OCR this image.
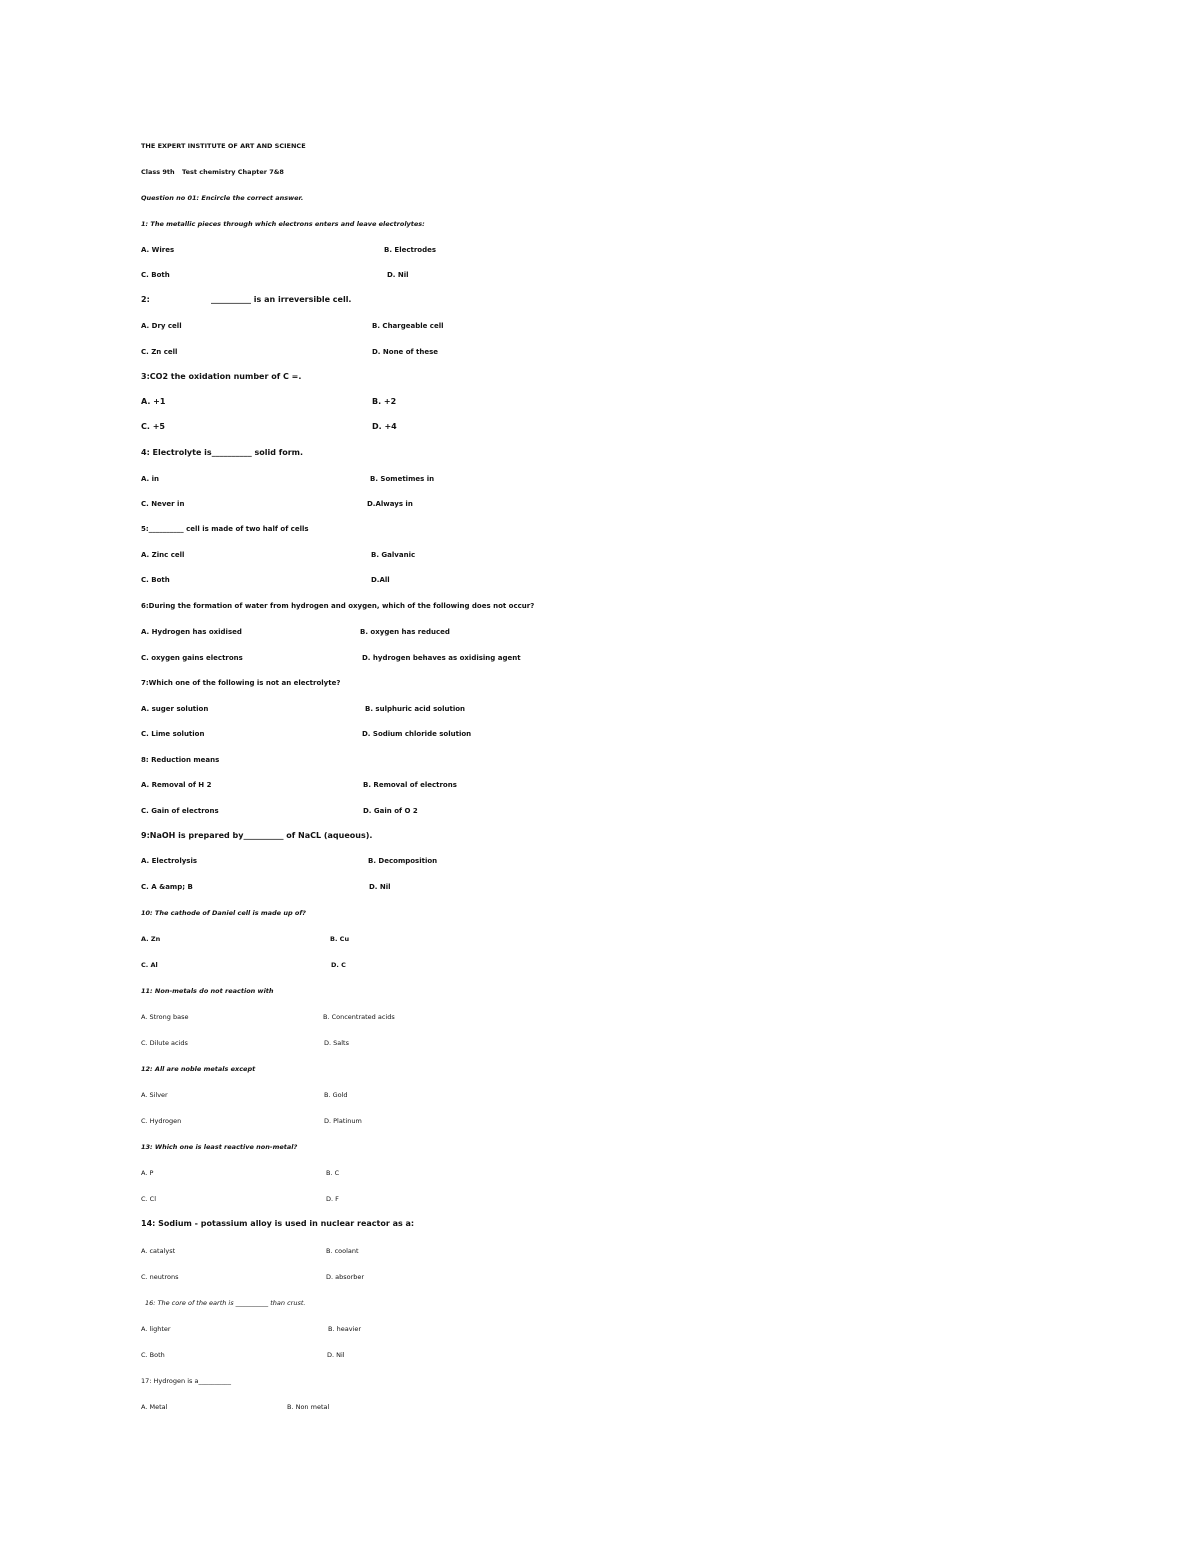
THE EXPERT INSTITUTE OF ART AND SCIENCE
Class 9th Test chemistry Chapter 7&8
Question no 01: Encircle the correct answer.
1: The metallic pieces through which electrons enters and leave electrolytes:
A. Wires	B. Electrodes
C. Both	D. Nil
2:	__________ is an irreversible cell.
A. Dry cell	B. Chargeable cell
C. Zn cell	D. None of these
3:CO2 the oxidation number of C =.
A. +1	B. +2
C. +5	D. +4
4: Electrolyte is__________ solid form.
A. in	B. Sometimes in
C. Never in	D.Always in
5:__________ cell is made of two half of cells
A. Zinc cell	B. Galvanic
C. Both	D.All
6:During the formation of water from hydrogen and oxygen, which of the following does not occur?
A. Hydrogen has oxidised	B. oxygen has reduced
C. oxygen gains electrons	D. hydrogen behaves as oxidising agent
7:Which one of the following is not an electrolyte?
A. suger solution	B. sulphuric acid solution
C. Lime solution	D. Sodium chloride solution
8: Reduction means
A. Removal of H 2	B. Removal of electrons
C. Gain of electrons	D. Gain of O 2
9:NaOH is prepared by__________ of NaCL (aqueous).
A. Electrolysis	B. Decomposition
C. A &amp; B	D. Nil
10: The cathode of Daniel cell is made up of?
A. Zn	B. Cu
C. Al	D. C
11: Non-metals do not reaction with
A. Strong base	B. Concentrated acids
C. Dilute acids	D. Salts
12: All are noble metals except
A. Silver	B. Gold
C. Hydrogen	D. Platinum
13: Which one is least reactive non-metal?
A. P	B. C
C. Cl	D. F
14: Sodium - potassium alloy is used in nuclear reactor as a:
A. catalyst	B. coolant
C. neutrons	D. absorber
16: The core of the earth is __________ than crust.
A. lighter	B. heavier
C. Both	D. Nil
17: Hydrogen is a__________
A. Metal	B. Non metal
